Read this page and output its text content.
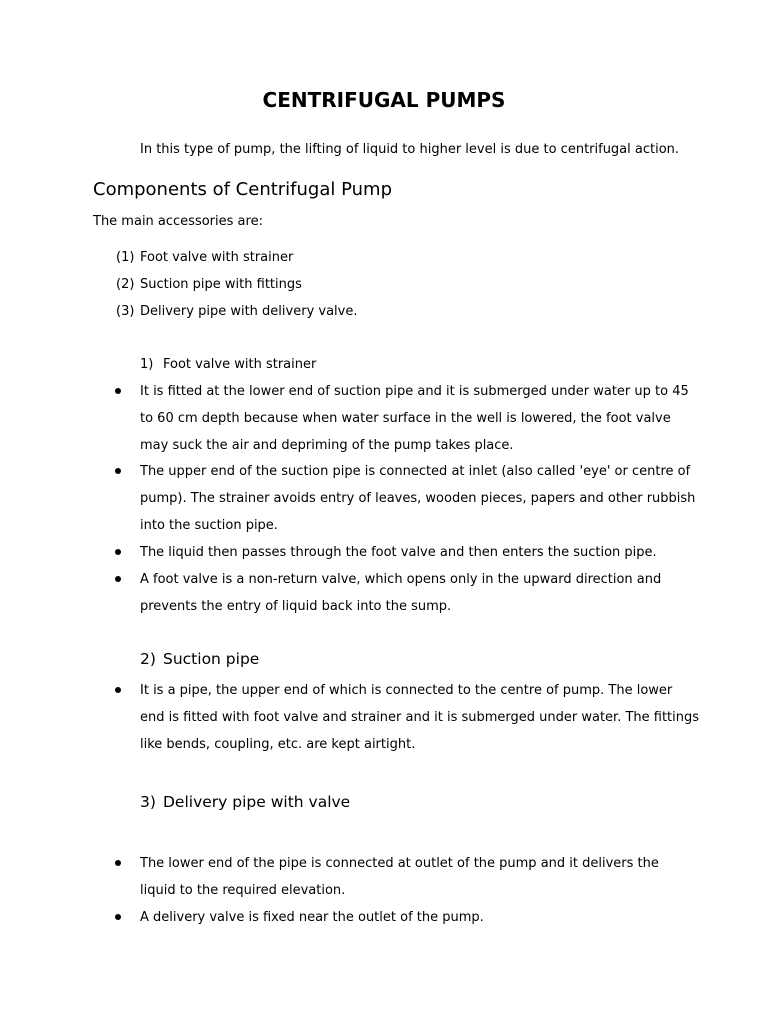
CENTRIFUGAL PUMPS
In this type of pump, the lifting of liquid to higher level is due to centrifugal action.
Components of Centrifugal Pump
The main accessories are:
(1) Foot valve with strainer
(2) Suction pipe with fittings
(3) Delivery pipe with delivery valve.
1) Foot valve with strainer
It is fitted at the lower end of suction pipe and it is submerged under water up to 45
to 60 cm depth because when water surface in the well is lowered, the foot valve
may suck the air and depriming of the pump takes place.
The upper end of the suction pipe is connected at inlet (also called 'eye' or centre of
pump). The strainer avoids entry of leaves, wooden pieces, papers and other rubbish
into the suction pipe.
The liquid then passes through the foot valve and then enters the suction pipe.
A foot valve is a non-return valve, which opens only in the upward direction and
prevents the entry of liquid back into the sump.
2) Suction pipe
It is a pipe, the upper end of which is connected to the centre of pump. The lower
end is fitted with foot valve and strainer and it is submerged under water. The fittings
like bends, coupling, etc. are kept airtight.
3) Delivery pipe with valve
The lower end of the pipe is connected at outlet of the pump and it delivers the
liquid to the required elevation.
A delivery valve is fixed near the outlet of the pump.
